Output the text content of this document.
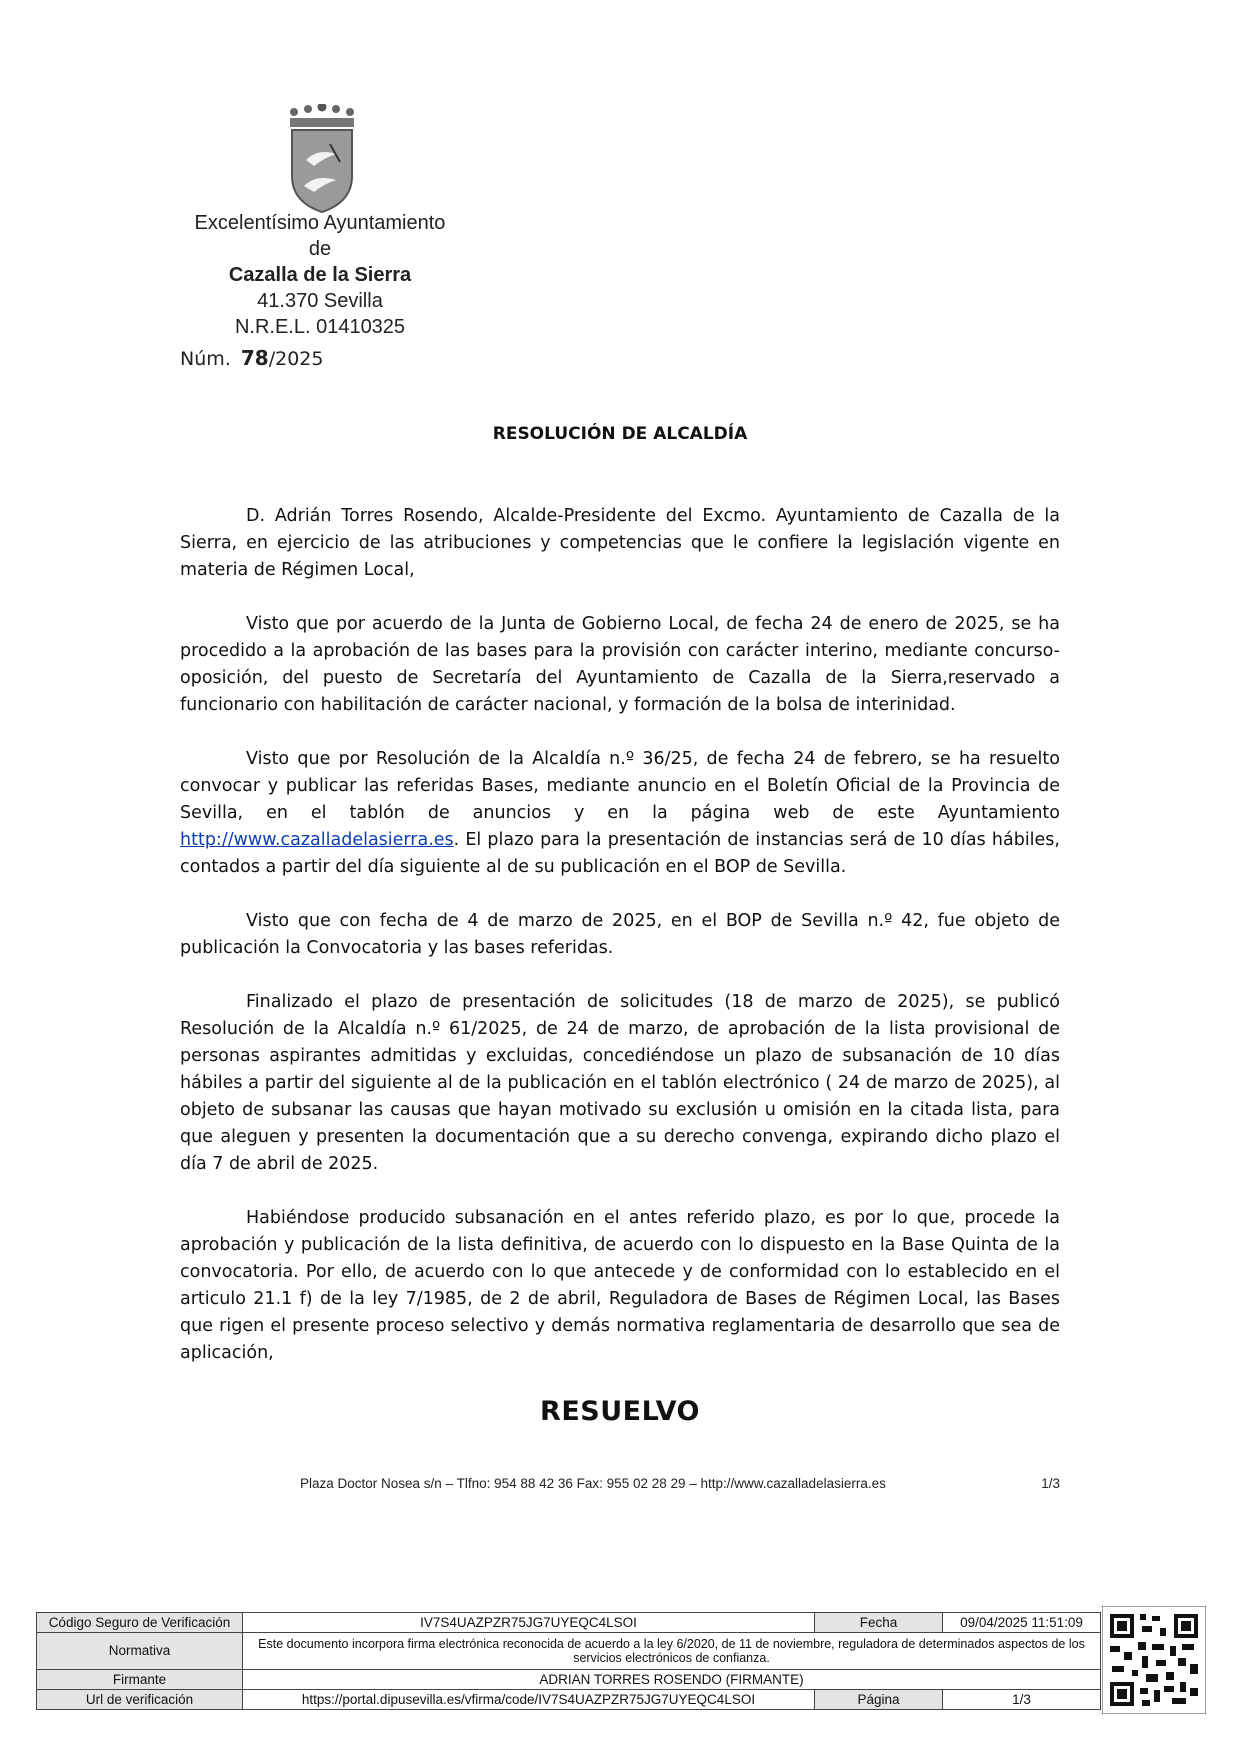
Excelentísimo Ayuntamiento
de
Cazalla de la Sierra
41.370 Sevilla
N.R.E.L. 01410325
Núm. 78/2025
RESOLUCIÓN DE ALCALDÍA

D. Adrián Torres Rosendo, Alcalde-Presidente del Excmo. Ayuntamiento de Cazalla de la Sierra, en ejercicio de las atribuciones y competencias que le confiere la legislación vigente en materia de Régimen Local,

Visto que por acuerdo de la Junta de Gobierno Local, de fecha 24 de enero de 2025, se ha procedido a la aprobación de las bases para la provisión con carácter interino, mediante concurso-oposición, del puesto de Secretaría del Ayuntamiento de Cazalla de la Sierra,reservado a funcionario con habilitación de carácter nacional, y formación de la bolsa de interinidad.

Visto que por Resolución de la Alcaldía n.º 36/25, de fecha 24 de febrero, se ha resuelto convocar y publicar las referidas Bases, mediante anuncio en el Boletín Oficial de la Provincia de Sevilla, en el tablón de anuncios y en la página web de este Ayuntamiento http://www.cazalladelasierra.es. El plazo para la presentación de instancias será de 10 días hábiles, contados a partir del día siguiente al de su publicación en el BOP de Sevilla.

Visto que con fecha de 4 de marzo de 2025, en el BOP de Sevilla n.º 42, fue objeto de publicación la Convocatoria y las bases referidas.

Finalizado el plazo de presentación de solicitudes (18 de marzo de 2025), se publicó Resolución de la Alcaldía n.º 61/2025, de 24 de marzo, de aprobación de la lista provisional de personas aspirantes admitidas y excluidas, concediéndose un plazo de subsanación de 10 días hábiles a partir del siguiente al de la publicación en el tablón electrónico ( 24 de marzo de 2025), al objeto de subsanar las causas que hayan motivado su exclusión u omisión en la citada lista, para que aleguen y presenten la documentación que a su derecho convenga, expirando dicho plazo el día 7 de abril de 2025.

Habiéndose producido subsanación en el antes referido plazo, es por lo que, procede la aprobación y publicación de la lista definitiva, de acuerdo con lo dispuesto en la Base Quinta de la convocatoria. Por ello, de acuerdo con lo que antecede y de conformidad con lo establecido en el articulo 21.1 f) de la ley 7/1985, de 2 de abril, Reguladora de Bases de Régimen Local, las Bases que rigen el presente proceso selectivo y demás normativa reglamentaria de desarrollo que sea de aplicación,

RESUELVO
Plaza Doctor Nosea s/n – Tlfno: 954 88 42 36 Fax: 955 02 28 29 – http://www.cazalladelasierra.es	1/3
Código Seguro de Verificación	IV7S4UAZPZR75JG7UYEQC4LSOI	Fecha	09/04/2025 11:51:09
Normativa	Este documento incorpora firma electrónica reconocida de acuerdo a la ley 6/2020, de 11 de noviembre, reguladora de determinados aspectos de los servicios electrónicos de confianza.		
Firmante	ADRIAN TORRES ROSENDO (FIRMANTE)		
Url de verificación	https://portal.dipusevilla.es/vfirma/code/IV7S4UAZPZR75JG7UYEQC4LSOI	Página	1/3
